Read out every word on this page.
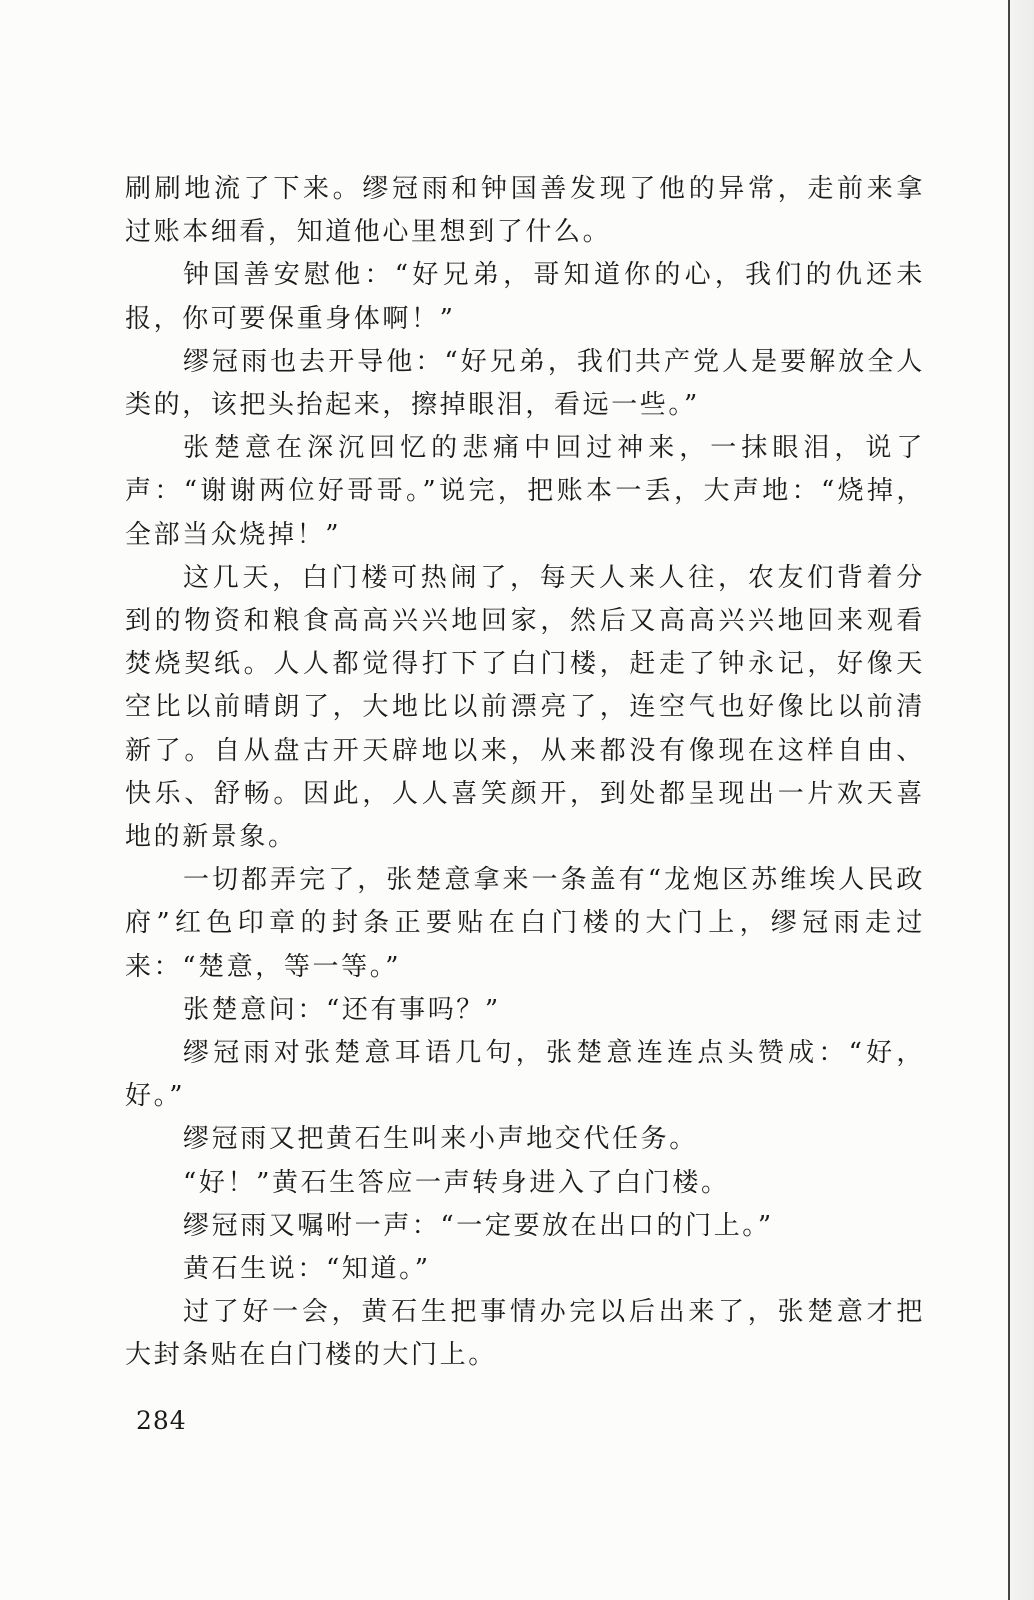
刷刷地流了下来。缪冠雨和钟国善发现了他的异常，走前来拿过账本细看，知道他心里想到了什么。

钟国善安慰他：“好兄弟，哥知道你的心，我们的仇还未报，你可要保重身体啊！”

缪冠雨也去开导他：“好兄弟，我们共产党人是要解放全人类的，该把头抬起来，擦掉眼泪，看远一些。”

张楚意在深沉回忆的悲痛中回过神来，一抹眼泪，说了声：“谢谢两位好哥哥。”说完，把账本一丢，大声地：“烧掉，全部当众烧掉！”

这几天，白门楼可热闹了，每天人来人往，农友们背着分到的物资和粮食高高兴兴地回家，然后又高高兴兴地回来观看焚烧契纸。人人都觉得打下了白门楼，赶走了钟永记，好像天空比以前晴朗了，大地比以前漂亮了，连空气也好像比以前清新了。自从盘古开天辟地以来，从来都没有像现在这样自由、快乐、舒畅。因此，人人喜笑颜开，到处都呈现出一片欢天喜地的新景象。

一切都弄完了，张楚意拿来一条盖有“龙炮区苏维埃人民政府”红色印章的封条正要贴在白门楼的大门上，缪冠雨走过来：“楚意，等一等。”

张楚意问：“还有事吗？”

缪冠雨对张楚意耳语几句，张楚意连连点头赞成：“好，好。”

缪冠雨又把黄石生叫来小声地交代任务。

“好！”黄石生答应一声转身进入了白门楼。

缪冠雨又嘱咐一声：“一定要放在出口的门上。”

黄石生说：“知道。”

过了好一会，黄石生把事情办完以后出来了，张楚意才把大封条贴在白门楼的大门上。

284
